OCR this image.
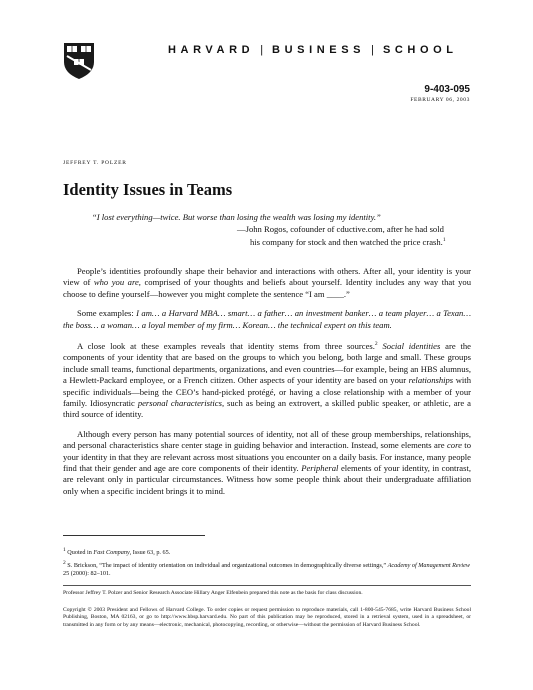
HARVARD | BUSINESS | SCHOOL
9-403-095
FEBRUARY 06, 2003
JEFFREY T. POLZER
Identity Issues in Teams
“I lost everything—twice. But worse than losing the wealth was losing my identity.”
—John Rogos, cofounder of cductive.com, after he had sold
his company for stock and then watched the price crash.$^1$

People’s identities profoundly shape their behavior and interactions with others. After all, your identity is your view of who you are, comprised of your thoughts and beliefs about yourself. Identity includes any way that you choose to define yourself—however you might complete the sentence “I am ____.”

Some examples: I am… a Harvard MBA… smart… a father… an investment banker… a team player… a Texan… the boss… a woman… a loyal member of my firm… Korean… the technical expert on this team.

A close look at these examples reveals that identity stems from three sources.$^2$ Social identities are the components of your identity that are based on the groups to which you belong, both large and small. These groups include small teams, functional departments, organizations, and even countries—for example, being an HBS alumnus, a Hewlett-Packard employee, or a French citizen. Other aspects of your identity are based on your relationships with specific individuals—being the CEO’s hand-picked protégé, or having a close relationship with a member of your family. Idiosyncratic personal characteristics, such as being an extrovert, a skilled public speaker, or athletic, are a third source of identity.

Although every person has many potential sources of identity, not all of these group memberships, relationships, and personal characteristics share center stage in guiding behavior and interaction. Instead, some elements are core to your identity in that they are relevant across most situations you encounter on a daily basis. For instance, many people find that their gender and age are core components of their identity. Peripheral elements of your identity, in contrast, are relevant only in particular circumstances. Witness how some people think about their undergraduate affiliation only when a specific incident brings it to mind.

$^1$ Quoted in Fast Company, Issue 63, p. 65.
$^2$ S. Brickson, “The impact of identity orientation on individual and organizational outcomes in demographically diverse settings,” Academy of Management Review 25 (2000): 82–101.
Professor Jeffrey T. Polzer and Senior Research Associate Hillary Anger Elfenbein prepared this note as the basis for class discussion.
Copyright © 2003 President and Fellows of Harvard College. To order copies or request permission to reproduce materials, call 1-800-545-7685, write Harvard Business School Publishing, Boston, MA 02163, or go to http://www.hbsp.harvard.edu. No part of this publication may be reproduced, stored in a retrieval system, used in a spreadsheet, or transmitted in any form or by any means—electronic, mechanical, photocopying, recording, or otherwise—without the permission of Harvard Business School.
